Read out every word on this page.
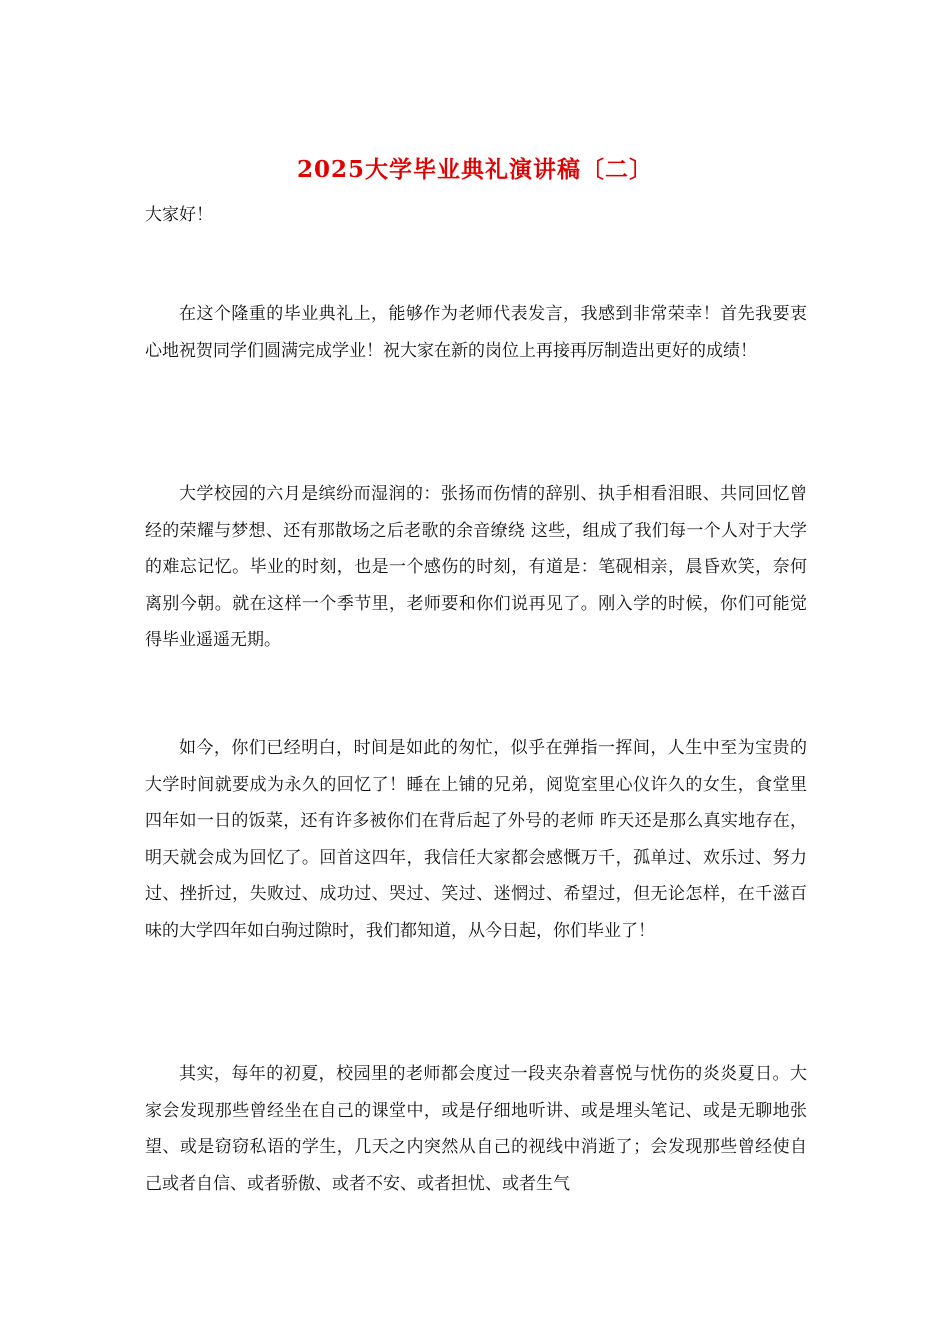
2025大学毕业典礼演讲稿〔二〕
大家好！

在这个隆重的毕业典礼上，能够作为老师代表发言，我感到非常荣幸！首先我要衷心地祝贺同学们圆满完成学业！祝大家在新的岗位上再接再厉制造出更好的成绩！

大学校园的六月是缤纷而湿润的：张扬而伤情的辞别、执手相看泪眼、共同回忆曾经的荣耀与梦想、还有那散场之后老歌的余音缭绕 这些，组成了我们每一个人对于大学的难忘记忆。毕业的时刻，也是一个感伤的时刻，有道是：笔砚相亲，晨昏欢笑，奈何离别今朝。就在这样一个季节里，老师要和你们说再见了。刚入学的时候，你们可能觉得毕业遥遥无期。

如今，你们已经明白，时间是如此的匆忙，似乎在弹指一挥间，人生中至为宝贵的大学时间就要成为永久的回忆了！睡在上铺的兄弟，阅览室里心仪许久的女生，食堂里四年如一日的饭菜，还有许多被你们在背后起了外号的老师 昨天还是那么真实地存在，明天就会成为回忆了。回首这四年，我信任大家都会感慨万千，孤单过、欢乐过、努力过、挫折过，失败过、成功过、哭过、笑过、迷惘过、希望过，但无论怎样，在千滋百味的大学四年如白驹过隙时，我们都知道，从今日起，你们毕业了！

其实，每年的初夏，校园里的老师都会度过一段夹杂着喜悦与忧伤的炎炎夏日。大家会发现那些曾经坐在自己的课堂中，或是仔细地听讲、或是埋头笔记、或是无聊地张望、或是窃窃私语的学生，几天之内突然从自己的视线中消逝了；会发现那些曾经使自己或者自信、或者骄傲、或者不安、或者担忧、或者生气
